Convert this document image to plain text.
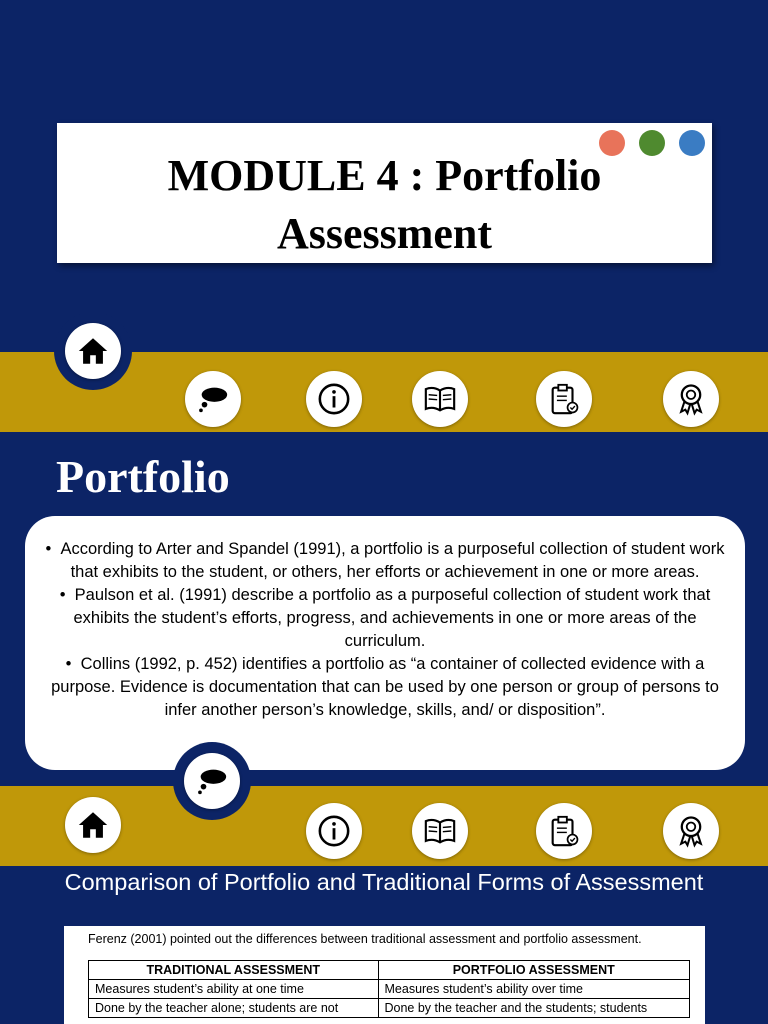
MODULE 4 : Portfolio
Assessment
Portfolio

•  According to Arter and Spandel (1991), a portfolio is a purposeful collection of student work that exhibits to the student, or others, her efforts or achievement in one or more areas.

•  Paulson et al. (1991) describe a portfolio as a purposeful collection of student work that exhibits the student’s efforts, progress, and achievements in one or more areas of the curriculum.

•  Collins (1992, p. 452) identifies a portfolio as “a container of collected evidence with a purpose. Evidence is documentation that can be used by one person or group of persons to infer another person’s knowledge, skills, and/ or disposition”.

Comparison of Portfolio and Traditional Forms of Assessment
Ferenz (2001) pointed out the differences between traditional assessment and portfolio assessment.
TRADITIONAL ASSESSMENT	PORTFOLIO ASSESSMENT
Measures student’s ability at one time	Measures student’s ability over time
Done by the teacher alone; students are not	Done by the teacher and the students; students
